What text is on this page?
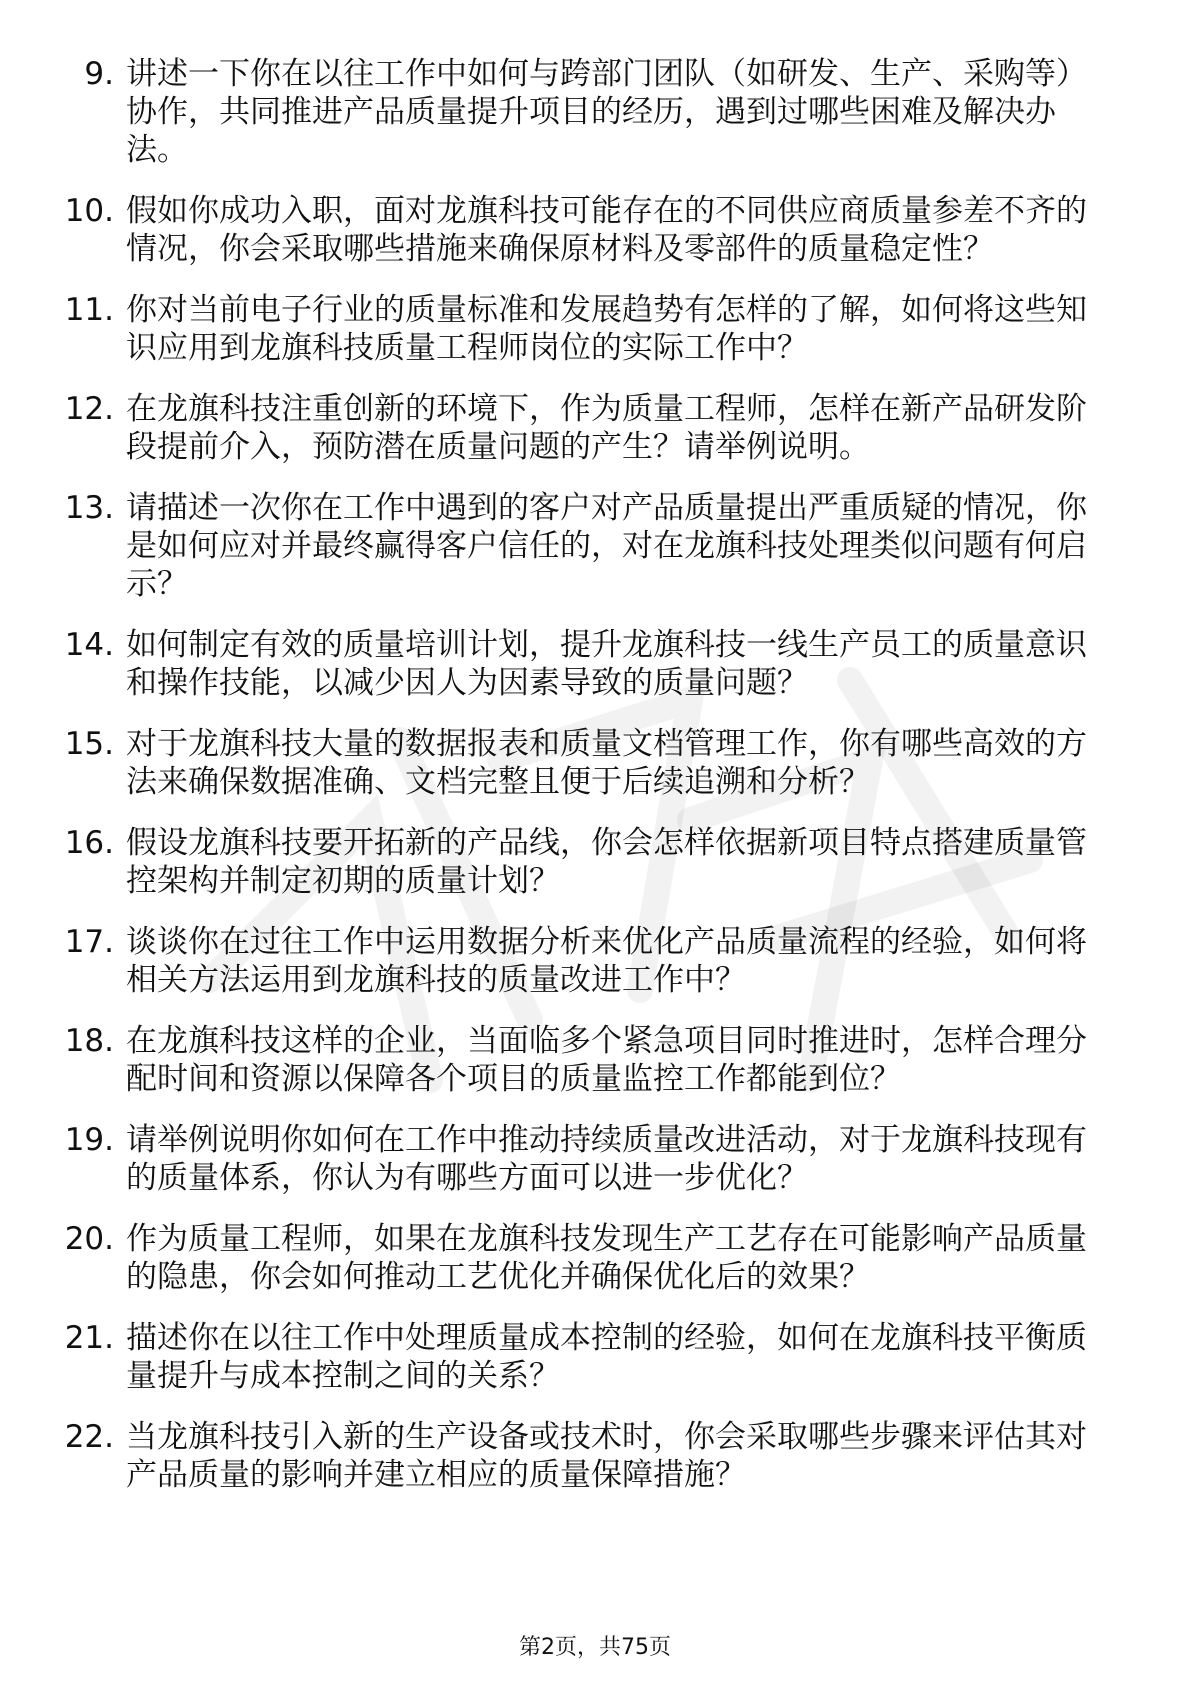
9. 讲述一下你在以往工作中如何与跨部门团队（如研发、生产、采购等）协作，共同推进产品质量提升项目的经历，遇到过哪些困难及解决办法。
10. 假如你成功入职，面对龙旗科技可能存在的不同供应商质量参差不齐的情况，你会采取哪些措施来确保原材料及零部件的质量稳定性？
11. 你对当前电子行业的质量标准和发展趋势有怎样的了解，如何将这些知识应用到龙旗科技质量工程师岗位的实际工作中？
12. 在龙旗科技注重创新的环境下，作为质量工程师，怎样在新产品研发阶段提前介入，预防潜在质量问题的产生？请举例说明。
13. 请描述一次你在工作中遇到的客户对产品质量提出严重质疑的情况，你是如何应对并最终赢得客户信任的，对在龙旗科技处理类似问题有何启示？
14. 如何制定有效的质量培训计划，提升龙旗科技一线生产员工的质量意识和操作技能，以减少因人为因素导致的质量问题？
15. 对于龙旗科技大量的数据报表和质量文档管理工作，你有哪些高效的方法来确保数据准确、文档完整且便于后续追溯和分析？
16. 假设龙旗科技要开拓新的产品线，你会怎样依据新项目特点搭建质量管控架构并制定初期的质量计划？
17. 谈谈你在过往工作中运用数据分析来优化产品质量流程的经验，如何将相关方法运用到龙旗科技的质量改进工作中？
18. 在龙旗科技这样的企业，当面临多个紧急项目同时推进时，怎样合理分配时间和资源以保障各个项目的质量监控工作都能到位？
19. 请举例说明你如何在工作中推动持续质量改进活动，对于龙旗科技现有的质量体系，你认为有哪些方面可以进一步优化？
20. 作为质量工程师，如果在龙旗科技发现生产工艺存在可能影响产品质量的隐患，你会如何推动工艺优化并确保优化后的效果？
21. 描述你在以往工作中处理质量成本控制的经验，如何在龙旗科技平衡质量提升与成本控制之间的关系？
22. 当龙旗科技引入新的生产设备或技术时，你会采取哪些步骤来评估其对产品质量的影响并建立相应的质量保障措施？
第2页，共75页
